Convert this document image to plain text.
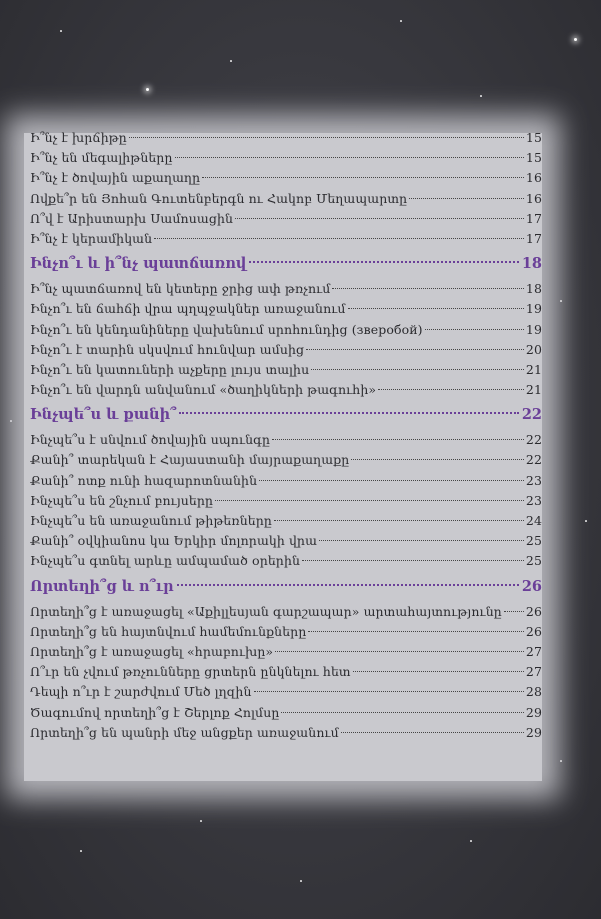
Ի՞նչ է խրճիթը	15
Ի՞նչ են մեգալիթները	15
Ի՞նչ է ծովային աքաղաղը	16
Ովքե՞ր են Յոհան Գուտենբերգն ու Հակոբ Մեղապարտը	16
Ո՞վ է Արիստարխ Սամոսացին	17
Ի՞նչ է կերամիկան	17
Ինչո՞ւ և ի՞նչ պատճառով	18
Ի՞նչ պատճառով են կետերը ջրից ափ թռչում	18
Ինչո՞ւ են ճահճի վրա պղպջակներ առաջանում	19
Ինչո՞ւ են կենդանիները վախենում սրոհունդից (зверобой)	19
Ինչո՞ւ է տարին սկսվում հունվար ամսից	20
Ինչո՞ւ են կատուների աչքերը լույս տալիս	21
Ինչո՞ւ են վարդն անվանում «ծաղիկների թագուհի»	21
Ինչպե՞ս և քանի՞	22
Ինչպե՞ս է սնվում ծովային սպունգը	22
Քանի՞ տարեկան է Հայաստանի մայրաքաղաքը	22
Քանի՞ ոտք ունի հազարոտնանին	23
Ինչպե՞ս են շնչում բույսերը	23
Ինչպե՞ս են առաջանում թիթեռները	24
Քանի՞ օվկիանոս կա Երկիր մոլորակի վրա	25
Ինչպե՞ս գտնել արևը ամպամած օրերին	25
Որտեղի՞ց և ո՞ւր	26
Որտեղի՞ց է առաջացել «Աքիլլեսյան գարշապար» արտահայտությունը 26
Որտեղի՞ց են հայտնվում համեմունքները	26
Որտեղի՞ց է առաջացել «հրաբուխը»	27
Ո՞ւր են չվում թռչունները ցրտերն ընկնելու հետ	27
Դեպի ո՞ւր է շարժվում Մեծ լղզին	28
Ծագումով որտեղի՞ց է Շերլոք Հոլմսը	29
Որտեղի՞ց են պանրի մեջ անցքեր առաջանում	29
